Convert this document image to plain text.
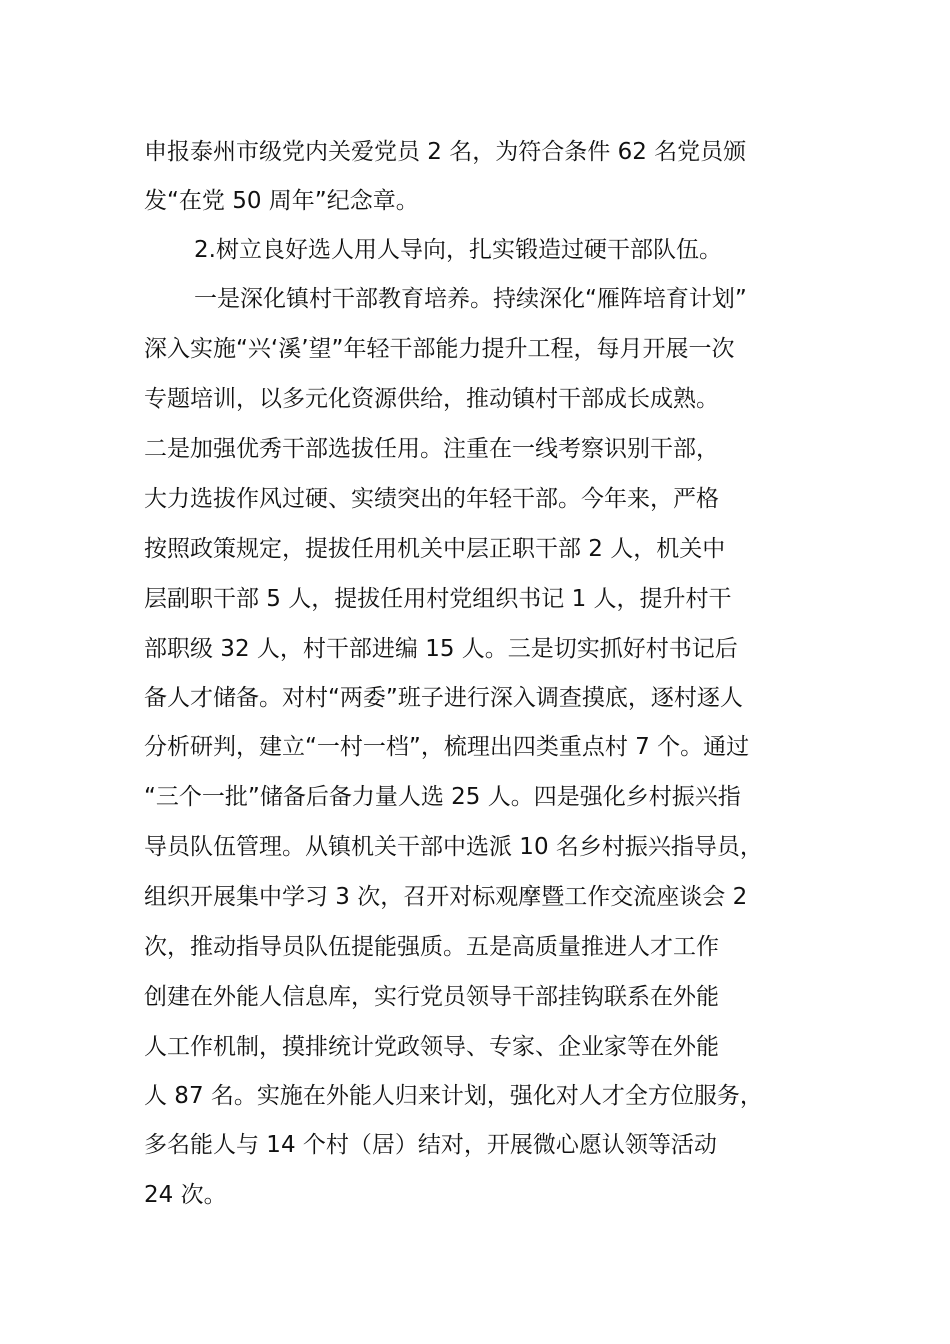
申报泰州市级党内关爱党员 2 名，为符合条件 62 名党员颁
发“在党 50 周年”纪念章。
2.树立良好选人用人导向，扎实锻造过硬干部队伍。
一是深化镇村干部教育培养。持续深化“雁阵培育计划”
深入实施“兴‘溪’望”年轻干部能力提升工程，每月开展一次
专题培训，以多元化资源供给，推动镇村干部成长成熟。
二是加强优秀干部选拔任用。注重在一线考察识别干部，
大力选拔作风过硬、实绩突出的年轻干部。今年来，严格
按照政策规定，提拔任用机关中层正职干部 2 人，机关中
层副职干部 5 人，提拔任用村党组织书记 1 人，提升村干
部职级 32 人，村干部进编 15 人。三是切实抓好村书记后
备人才储备。对村“两委”班子进行深入调查摸底，逐村逐人
分析研判，建立“一村一档”，梳理出四类重点村 7 个。通过
“三个一批”储备后备力量人选 25 人。四是强化乡村振兴指
导员队伍管理。从镇机关干部中选派 10 名乡村振兴指导员，
组织开展集中学习 3 次，召开对标观摩暨工作交流座谈会 2
次，推动指导员队伍提能强质。五是高质量推进人才工作
创建在外能人信息库，实行党员领导干部挂钩联系在外能
人工作机制，摸排统计党政领导、专家、企业家等在外能
人 87 名。实施在外能人归来计划，强化对人才全方位服务，
多名能人与 14 个村（居）结对，开展微心愿认领等活动
24 次。
